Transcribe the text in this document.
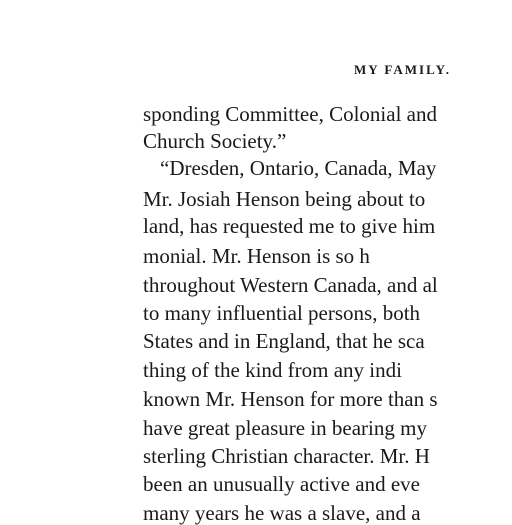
MY FAMILY.
sponding Committee, Colonial and
Church Society.”
“Dresden, Ontario, Canada, May
Mr. Josiah Henson being about to
land, has requested me to give him
monial. Mr. Henson is so h
throughout Western Canada, and al
to many influential persons, both
States and in England, that he sca
thing of the kind from any indi
known Mr. Henson for more than s
have great pleasure in bearing my
sterling Christian character. Mr. H
been an unusually active and eve
many years he was a slave, and a
